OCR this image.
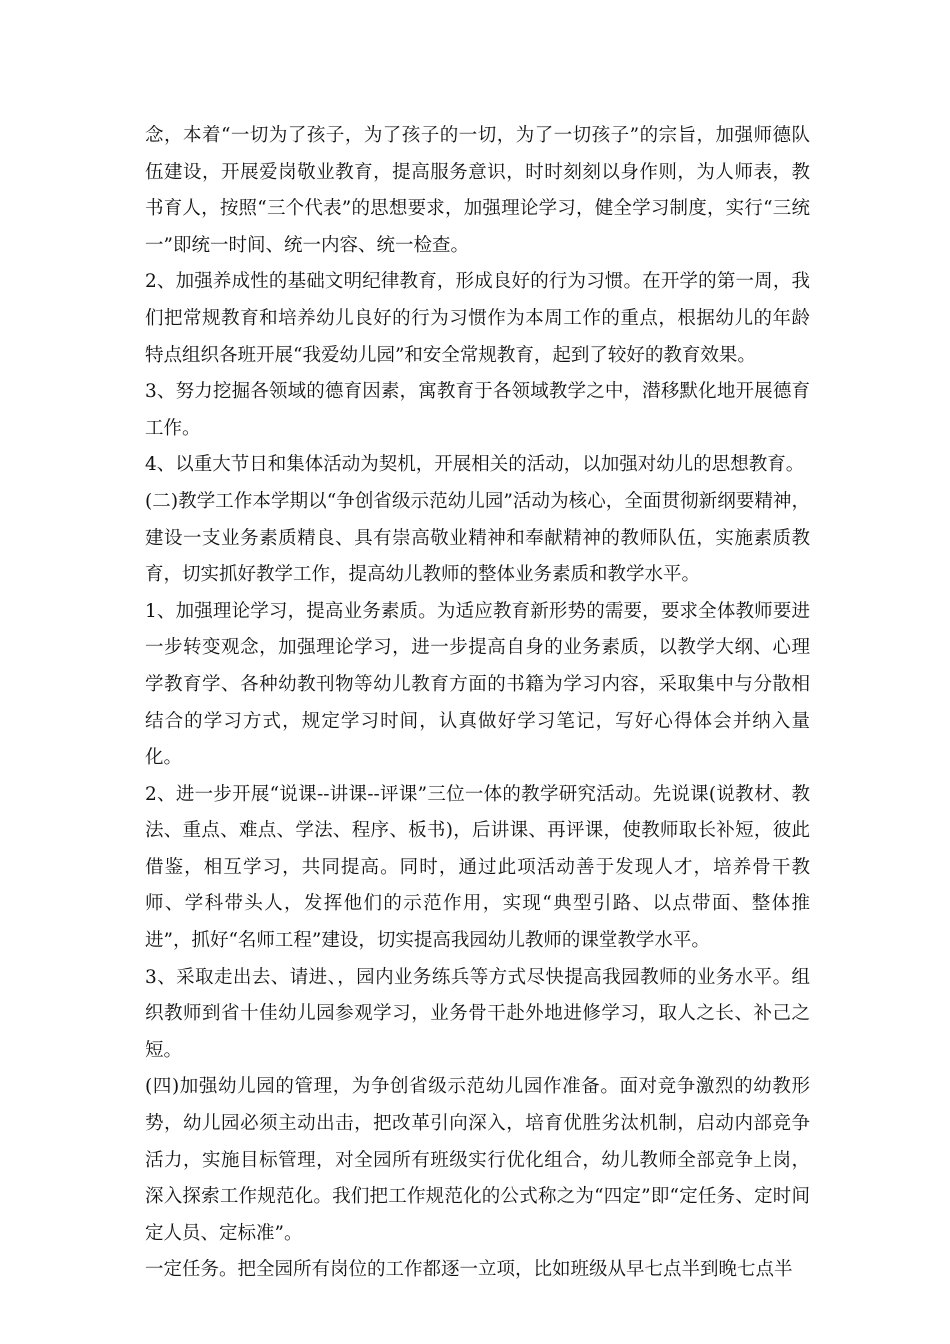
念，本着“一切为了孩子，为了孩子的一切，为了一切孩子”的宗旨，加强师德队伍建设，开展爱岗敬业教育，提高服务意识，时时刻刻以身作则，为人师表，教书育人，按照“三个代表”的思想要求，加强理论学习，健全学习制度，实行“三统一”即统一时间、统一内容、统一检查。

2、加强养成性的基础文明纪律教育，形成良好的行为习惯。在开学的第一周，我们把常规教育和培养幼儿良好的行为习惯作为本周工作的重点，根据幼儿的年龄特点组织各班开展“我爱幼儿园”和安全常规教育，起到了较好的教育效果。

3、努力挖掘各领域的德育因素，寓教育于各领域教学之中，潜移默化地开展德育工作。

4、以重大节日和集体活动为契机，开展相关的活动，以加强对幼儿的思想教育。

(二)教学工作本学期以“争创省级示范幼儿园”活动为核心，全面贯彻新纲要精神，建设一支业务素质精良、具有崇高敬业精神和奉献精神的教师队伍，实施素质教育，切实抓好教学工作，提高幼儿教师的整体业务素质和教学水平。

1、加强理论学习，提高业务素质。为适应教育新形势的需要，要求全体教师要进一步转变观念，加强理论学习，进一步提高自身的业务素质，以教学大纲、心理学教育学、各种幼教刊物等幼儿教育方面的书籍为学习内容，采取集中与分散相结合的学习方式，规定学习时间，认真做好学习笔记，写好心得体会并纳入量化。

2、进一步开展“说课--讲课--评课”三位一体的教学研究活动。先说课(说教材、教法、重点、难点、学法、程序、板书)，后讲课、再评课，使教师取长补短，彼此借鉴，相互学习，共同提高。同时，通过此项活动善于发现人才，培养骨干教师、学科带头人，发挥他们的示范作用，实现“典型引路、以点带面、整体推进”，抓好“名师工程”建设，切实提高我园幼儿教师的课堂教学水平。

3、采取走出去、请进、，园内业务练兵等方式尽快提高我园教师的业务水平。组织教师到省十佳幼儿园参观学习，业务骨干赴外地进修学习，取人之长、补己之短。

(四)加强幼儿园的管理，为争创省级示范幼儿园作准备。面对竞争激烈的幼教形势，幼儿园必须主动出击，把改革引向深入，培育优胜劣汰机制，启动内部竞争活力，实施目标管理，对全园所有班级实行优化组合，幼儿教师全部竞争上岗，深入探索工作规范化。我们把工作规范化的公式称之为“四定”即“定任务、定时间定人员、定标准”。

一定任务。把全园所有岗位的工作都逐一立项，比如班级从早七点半到晚七点半
